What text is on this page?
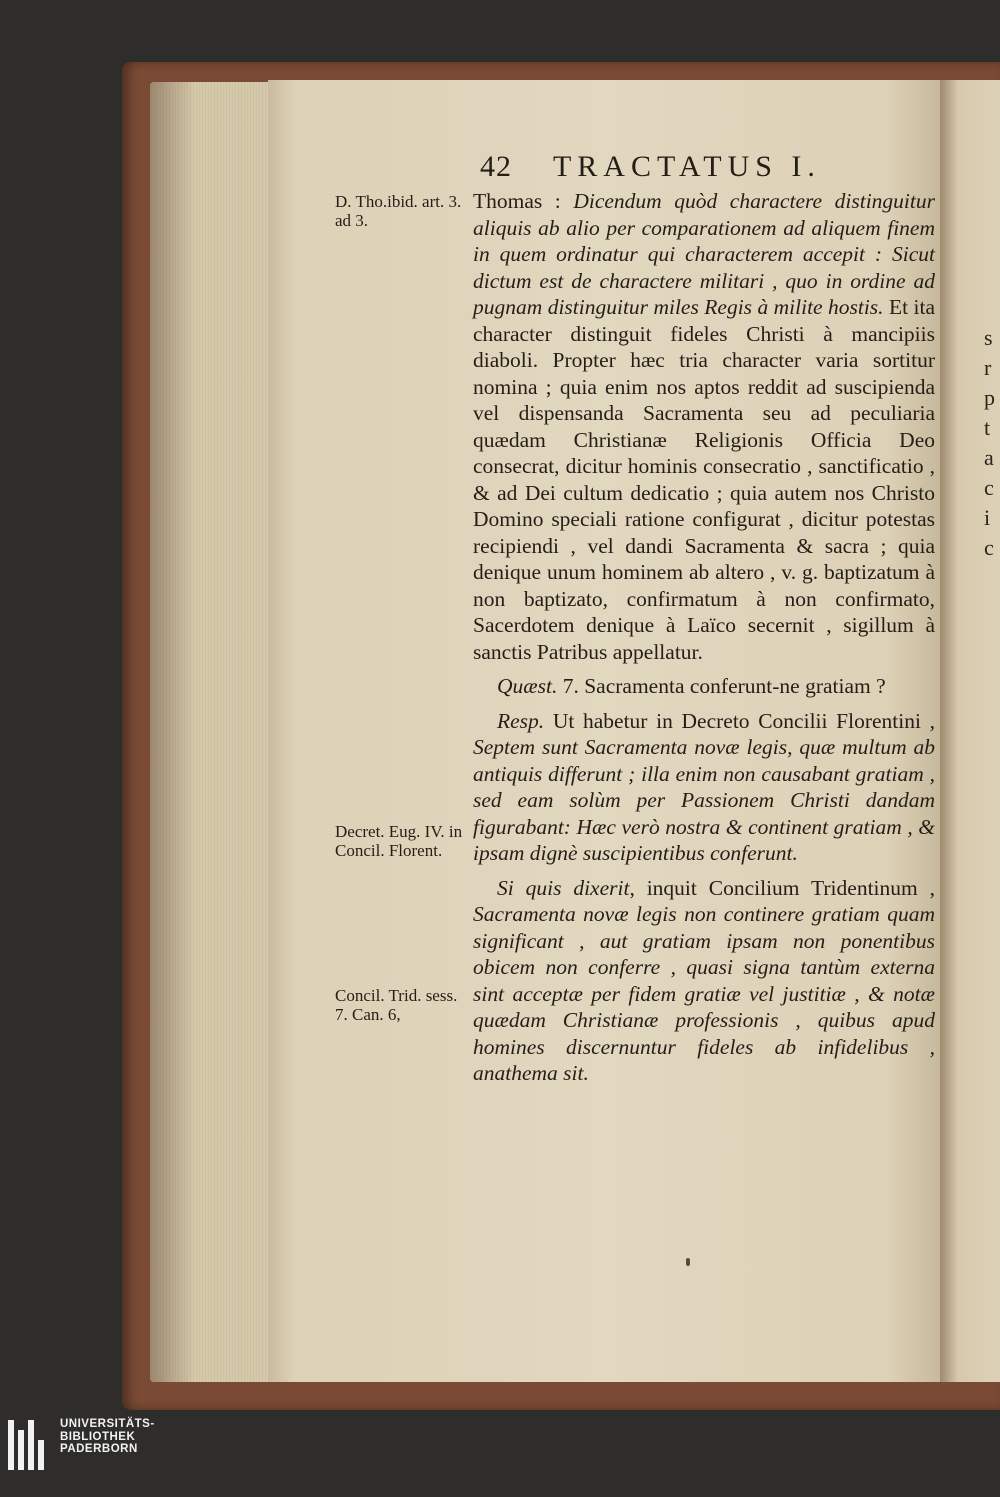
s
r
p
t
a
c
i
c
42 TRACTATUS I.
D. Tho.ibid. art. 3. ad 3.
Decret. Eug. IV. in Concil. Florent.
Concil. Trid. sess. 7. Can. 6,

Thomas : Dicendum quòd charactere distinguitur aliquis ab alio per comparationem ad aliquem finem in quem ordinatur qui characterem accepit : Sicut dictum est de charactere militari , quo in ordine ad pugnam distinguitur miles Regis à milite hostis. Et ita character distinguit fideles Christi à mancipiis diaboli. Propter hæc tria character varia sortitur nomina ; quia enim nos aptos reddit ad suscipienda vel dispensanda Sacramenta seu ad peculiaria quædam Christianæ Religionis Officia Deo consecrat, dicitur hominis consecratio , sanctificatio , & ad Dei cultum dedicatio ; quia autem nos Christo Domino speciali ratione configurat , dicitur potestas recipiendi , vel dandi Sacramenta & sacra ; quia denique unum hominem ab altero , v. g. baptizatum à non baptizato, confirmatum à non confirmato, Sacerdotem denique à Laïco secernit , sigillum à sanctis Patribus appellatur.

Quæst. 7. Sacramenta conferunt-ne gratiam ?

Resp. Ut habetur in Decreto Concilii Florentini , Septem sunt Sacramenta novæ legis, quæ multum ab antiquis differunt ; illa enim non causabant gratiam , sed eam solùm per Passionem Christi dandam figurabant: Hæc verò nostra & continent gratiam , & ipsam dignè suscipientibus conferunt.

Si quis dixerit, inquit Concilium Tridentinum , Sacramenta novæ legis non continere gratiam quam significant , aut gratiam ipsam non ponentibus obicem non conferre , quasi signa tantùm externa sint acceptæ per fidem gratiæ vel justitiæ , & notæ quædam Christianæ professionis , quibus apud homines discernuntur fideles ab infidelibus , anathema sit.

UNIVERSITÄTS-
BIBLIOTHEK
PADERBORN
